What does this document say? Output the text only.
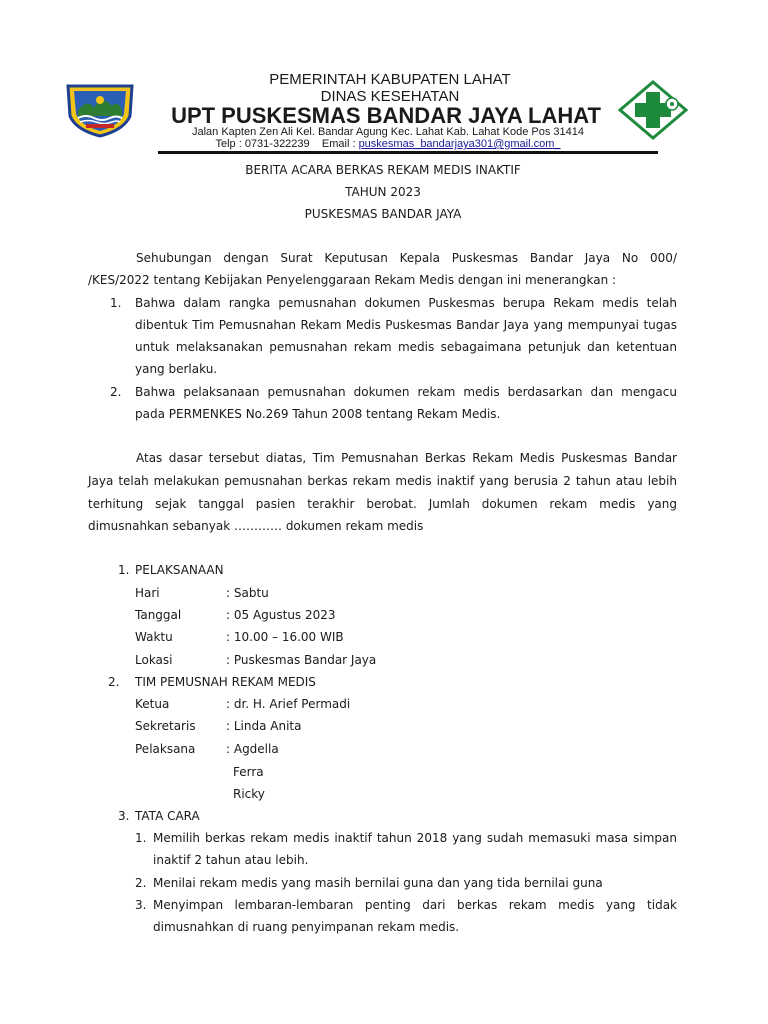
PEMERINTAH KABUPATEN LAHAT
DINAS KESEHATAN
UPT PUSKESMAS BANDAR JAYA LAHAT
Jalan Kapten Zen Ali Kel. Bandar Agung Kec. Lahat Kab. Lahat Kode Pos 31414
Telp : 0731-322239    Email : puskesmas_bandarjaya301@gmail.com_
BERITA ACARA BERKAS REKAM MEDIS INAKTIF
TAHUN 2023
PUSKESMAS BANDAR JAYA
Sehubungan dengan Surat Keputusan Kepala Puskesmas Bandar Jaya No 000/
/KES/2022 tentang Kebijakan Penyelenggaraan Rekam Medis dengan ini menerangkan :
1. Bahwa dalam rangka pemusnahan dokumen Puskesmas berupa Rekam medis telah
dibentuk Tim Pemusnahan Rekam Medis Puskesmas Bandar Jaya yang mempunyai tugas
untuk melaksanakan pemusnahan rekam medis sebagaimana petunjuk dan ketentuan
yang berlaku.
2. Bahwa pelaksanaan pemusnahan dokumen rekam medis berdasarkan dan mengacu
pada PERMENKES No.269 Tahun 2008 tentang Rekam Medis.
Atas dasar tersebut diatas, Tim Pemusnahan Berkas Rekam Medis Puskesmas Bandar
Jaya telah melakukan pemusnahan berkas rekam medis inaktif yang berusia 2 tahun atau lebih
terhitung sejak tanggal pasien terakhir berobat. Jumlah dokumen rekam medis yang
dimusnahkan sebanyak ………… dokumen rekam medis
1. PELAKSANAAN
Hari	: Sabtu
Tanggal	: 05 Agustus 2023
Waktu	: 10.00 – 16.00 WIB
Lokasi	: Puskesmas Bandar Jaya
2. TIM PEMUSNAH REKAM MEDIS
Ketua	: dr. H. Arief Permadi
Sekretaris	: Linda Anita
Pelaksana	: Agdella
Ferra
Ricky
3. TATA CARA
1. Memilih berkas rekam medis inaktif tahun 2018 yang sudah memasuki masa simpan
inaktif 2 tahun atau lebih.
2. Menilai rekam medis yang masih bernilai guna dan yang tida bernilai guna
3. Menyimpan lembaran-lembaran penting dari berkas rekam medis yang tidak
dimusnahkan di ruang penyimpanan rekam medis.
